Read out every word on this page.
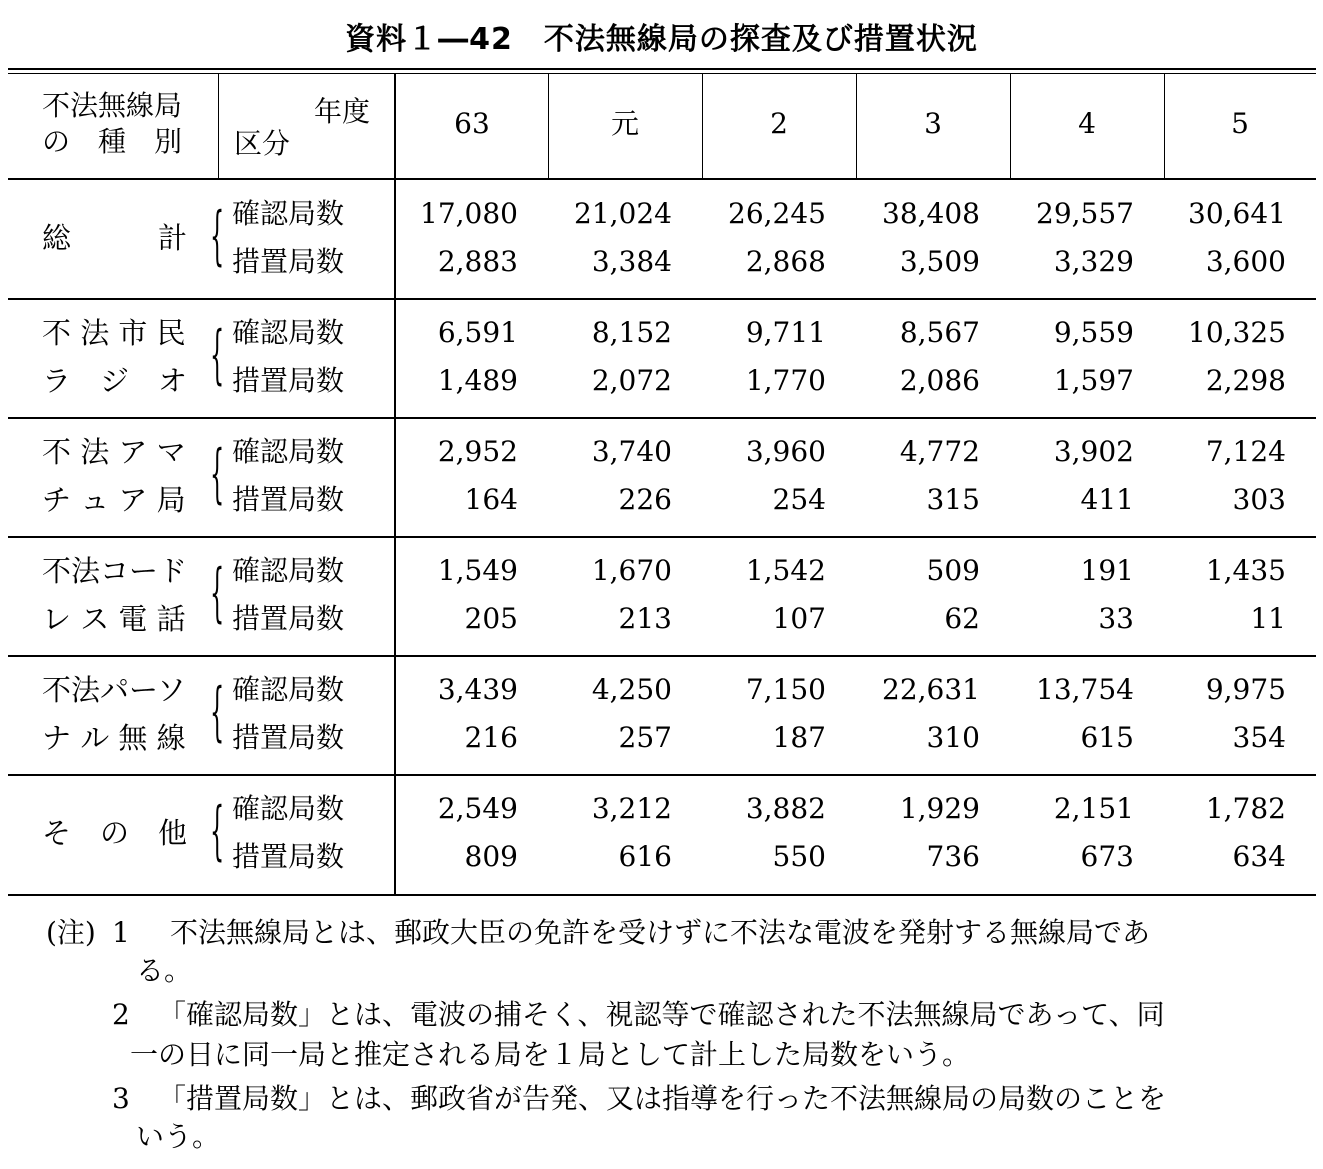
資料１―42　不法無線局の探査及び措置状況
不法無線局
の　種　別
年度
区分
63	元	2	3	4	5
総　　　計 { 確認局数	17,080	21,024	26,245	38,408	29,557	30,641
措置局数	2,883	3,384	2,868	3,509	3,329	3,600
不 法 市 民
ラ　ジ　オ { 確認局数	6,591	8,152	9,711	8,567	9,559	10,325
措置局数	1,489	2,072	1,770	2,086	1,597	2,298
不 法 ア マ
チ ュ ア 局 { 確認局数	2,952	3,740	3,960	4,772	3,902	7,124
措置局数	164	226	254	315	411	303
不法コード
レ ス 電 話 { 確認局数	1,549	1,670	1,542	509	191	1,435
措置局数	205	213	107	62	33	11
不法パーソ
ナ ル 無 線 { 確認局数	3,439	4,250	7,150	22,631	13,754	9,975
措置局数	216	257	187	310	615	354
そ　の　他 { 確認局数	2,549	3,212	3,882	1,929	2,151	1,782
措置局数	809	616	550	736	673	634
(注) 1 不法無線局とは、郵政大臣の免許を受けずに不法な電波を発射する無線局であ
る。
2 「確認局数」とは、電波の捕そく、視認等で確認された不法無線局であって、同
一の日に同一局と推定される局を１局として計上した局数をいう。
3 「措置局数」とは、郵政省が告発、又は指導を行った不法無線局の局数のことを
いう。
